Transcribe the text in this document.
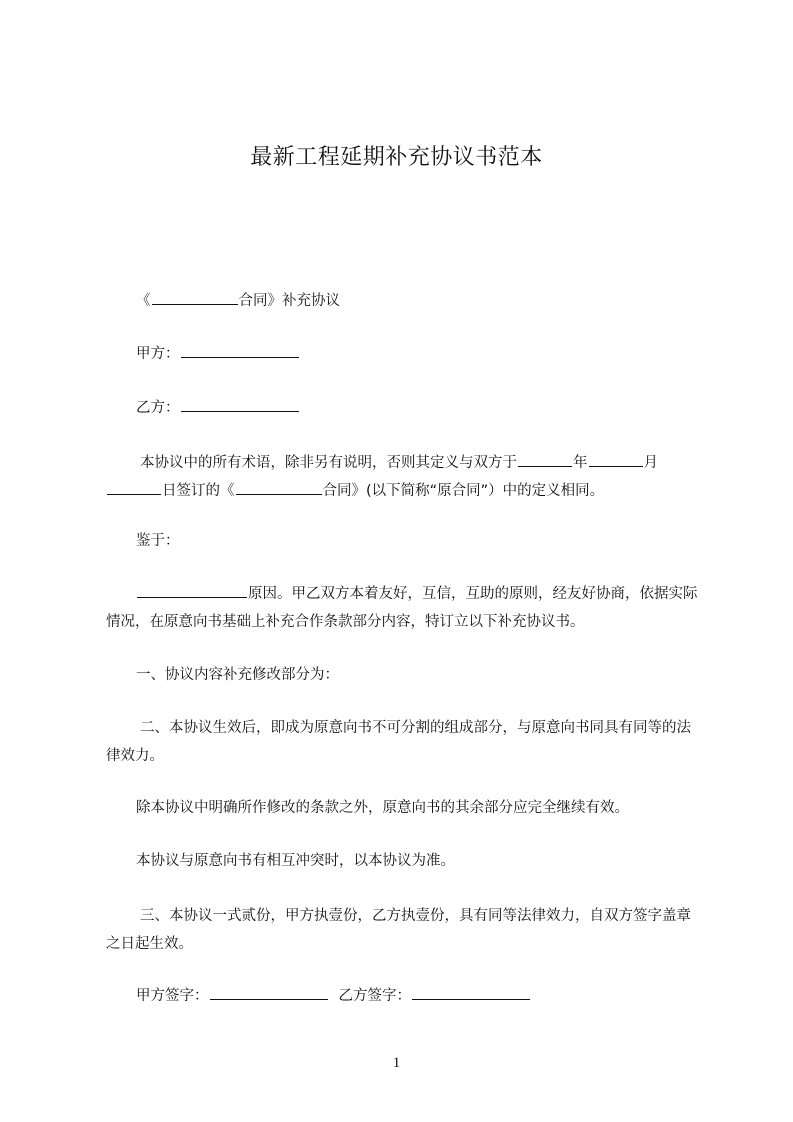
最新工程延期补充协议书范本

《	合同》补充协议

甲方：

乙方：

本协议中的所有术语，除非另有说明，否则其定义与双方于	年	月日签订的《	合同》(以下简称“原合同”）中的定义相同。

鉴于：

原因。甲乙双方本着友好，互信，互助的原则，经友好协商，依据实际情况，在原意向书基础上补充合作条款部分内容，特订立以下补充协议书。

一、协议内容补充修改部分为：

二、本协议生效后，即成为原意向书不可分割的组成部分，与原意向书同具有同等的法律效力。

除本协议中明确所作修改的条款之外，原意向书的其余部分应完全继续有效。

本协议与原意向书有相互冲突时，以本协议为准。

三、本协议一式贰份，甲方执壹份，乙方执壹份，具有同等法律效力，自双方签字盖章之日起生效。

甲方签字：	乙方签字：
1
